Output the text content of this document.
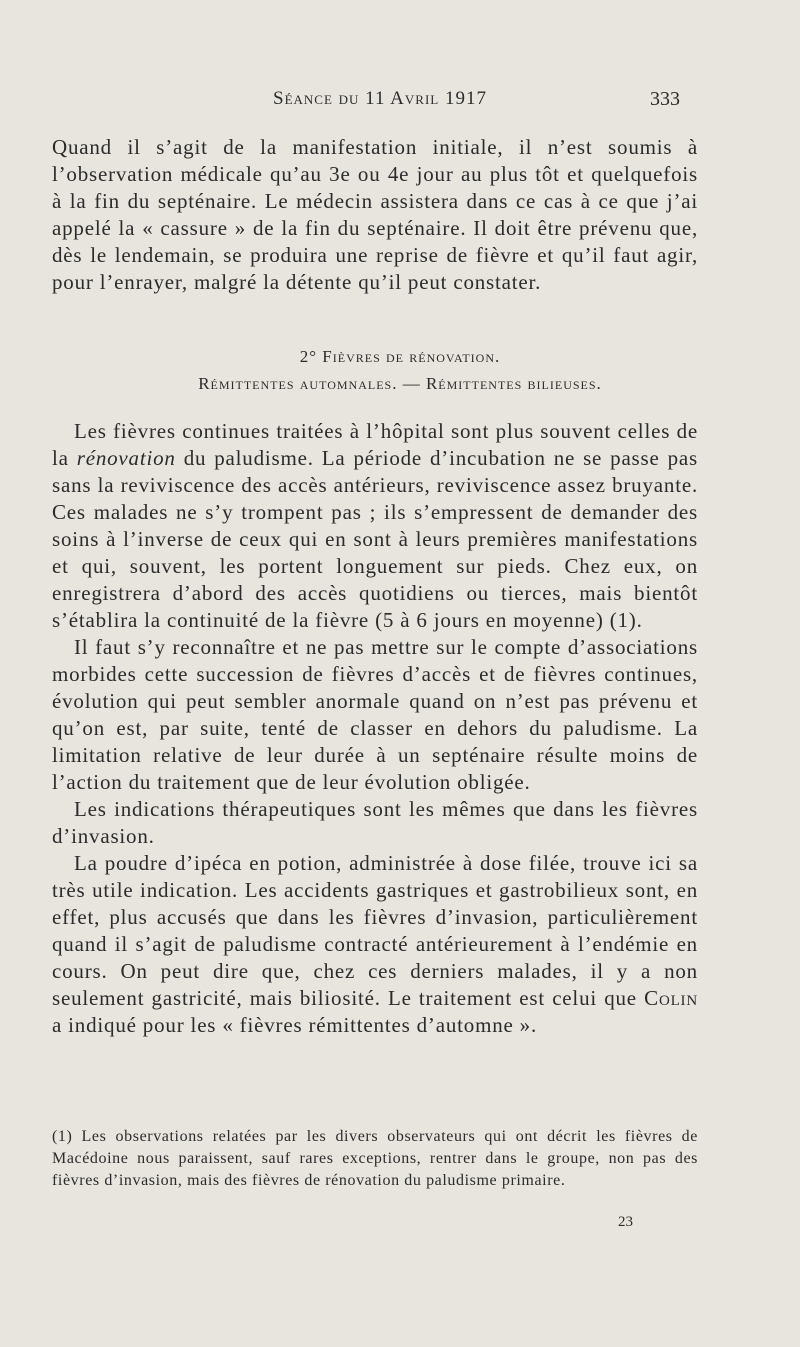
Séance du 11 Avril 1917	333

Quand il s’agit de la manifestation initiale, il n’est soumis à l’observation médicale qu’au 3e ou 4e jour au plus tôt et quelquefois à la fin du septénaire. Le médecin assistera dans ce cas à ce que j’ai appelé la « cassure » de la fin du septénaire. Il doit être prévenu que, dès le lendemain, se produira une reprise de fièvre et qu’il faut agir, pour l’enrayer, malgré la détente qu’il peut constater.

2° Fièvres de rénovation.
Rémittentes automnales. — Rémittentes bilieuses.

Les fièvres continues traitées à l’hôpital sont plus souvent celles de la rénovation du paludisme. La période d’incubation ne se passe pas sans la reviviscence des accès antérieurs, reviviscence assez bruyante. Ces malades ne s’y trompent pas ; ils s’empressent de demander des soins à l’inverse de ceux qui en sont à leurs premières manifestations et qui, souvent, les portent longuement sur pieds. Chez eux, on enregistrera d’abord des accès quotidiens ou tierces, mais bientôt s’établira la continuité de la fièvre (5 à 6 jours en moyenne) (1).

Il faut s’y reconnaître et ne pas mettre sur le compte d’associations morbides cette succession de fièvres d’accès et de fièvres continues, évolution qui peut sembler anormale quand on n’est pas prévenu et qu’on est, par suite, tenté de classer en dehors du paludisme. La limitation relative de leur durée à un septénaire résulte moins de l’action du traitement que de leur évolution obligée.

Les indications thérapeutiques sont les mêmes que dans les fièvres d’invasion.

La poudre d’ipéca en potion, administrée à dose filée, trouve ici sa très utile indication. Les accidents gastriques et gastrobilieux sont, en effet, plus accusés que dans les fièvres d’invasion, particulièrement quand il s’agit de paludisme contracté antérieurement à l’endémie en cours. On peut dire que, chez ces derniers malades, il y a non seulement gastricité, mais biliosité. Le traitement est celui que Colin a indiqué pour les « fièvres rémittentes d’automne ».

(1) Les observations relatées par les divers observateurs qui ont décrit les fièvres de Macédoine nous paraissent, sauf rares exceptions, rentrer dans le groupe, non pas des fièvres d’invasion, mais des fièvres de rénovation du paludisme primaire.

23
